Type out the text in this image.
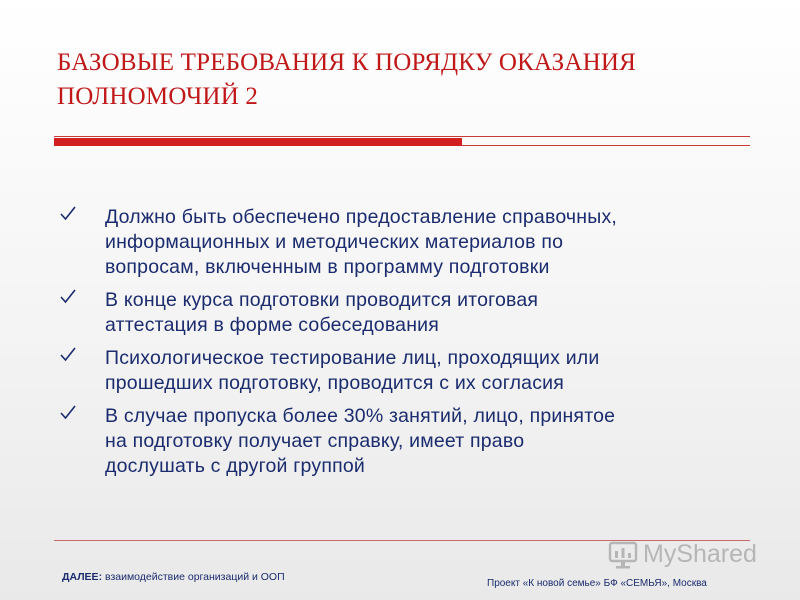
БАЗОВЫЕ ТРЕБОВАНИЯ К ПОРЯДКУ ОКАЗАНИЯ
ПОЛНОМОЧИЙ 2
Должно быть обеспечено предоставление справочных,
информационных и методических материалов по
вопросам, включенным в программу подготовки
В конце курса подготовки проводится итоговая
аттестация в форме собеседования
Психологическое тестирование лиц, проходящих или
прошедших подготовку, проводится с их согласия
В случае пропуска более 30% занятий, лицо, принятое
на подготовку получает справку, имеет право
дослушать с другой группой
MyShared
ДАЛЕЕ: взаимодействие организаций и ООП
Проект «К новой семье» БФ «СЕМЬЯ», Москва
